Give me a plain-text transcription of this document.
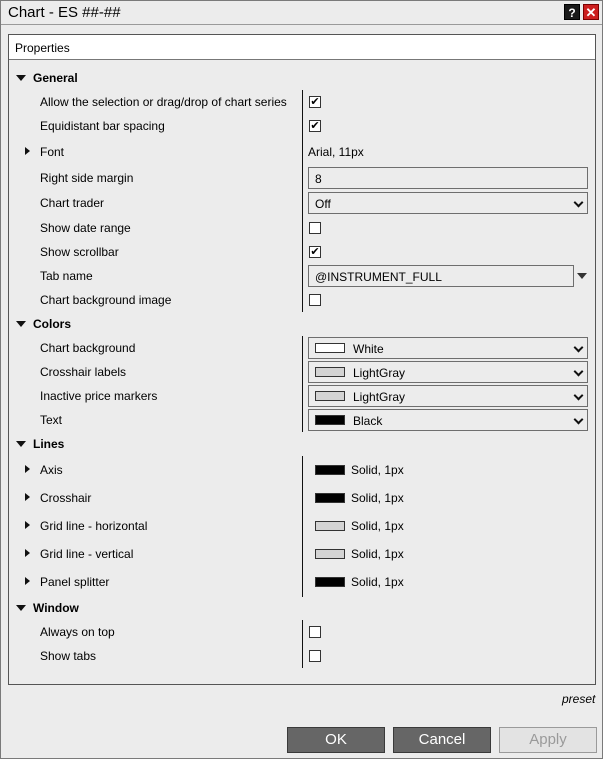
Chart - ES ##-##	? ✕
Properties
General
Allow the selection or drag/drop of chart series ✔
Equidistant bar spacing	✔
Font	Arial, 11px
Right side margin	8
Chart trader	Off
Show date range
Show scrollbar	✔
Tab name	@INSTRUMENT_FULL
Chart background image
Colors
Chart background	White
Crosshair labels	LightGray
Inactive price markers	LightGray
Text	Black
Lines
Axis	Solid, 1px
Crosshair	Solid, 1px
Grid line - horizontal	Solid, 1px
Grid line - vertical	Solid, 1px
Panel splitter	Solid, 1px
Window
Always on top
Show tabs
preset
OK	Cancel	Apply
